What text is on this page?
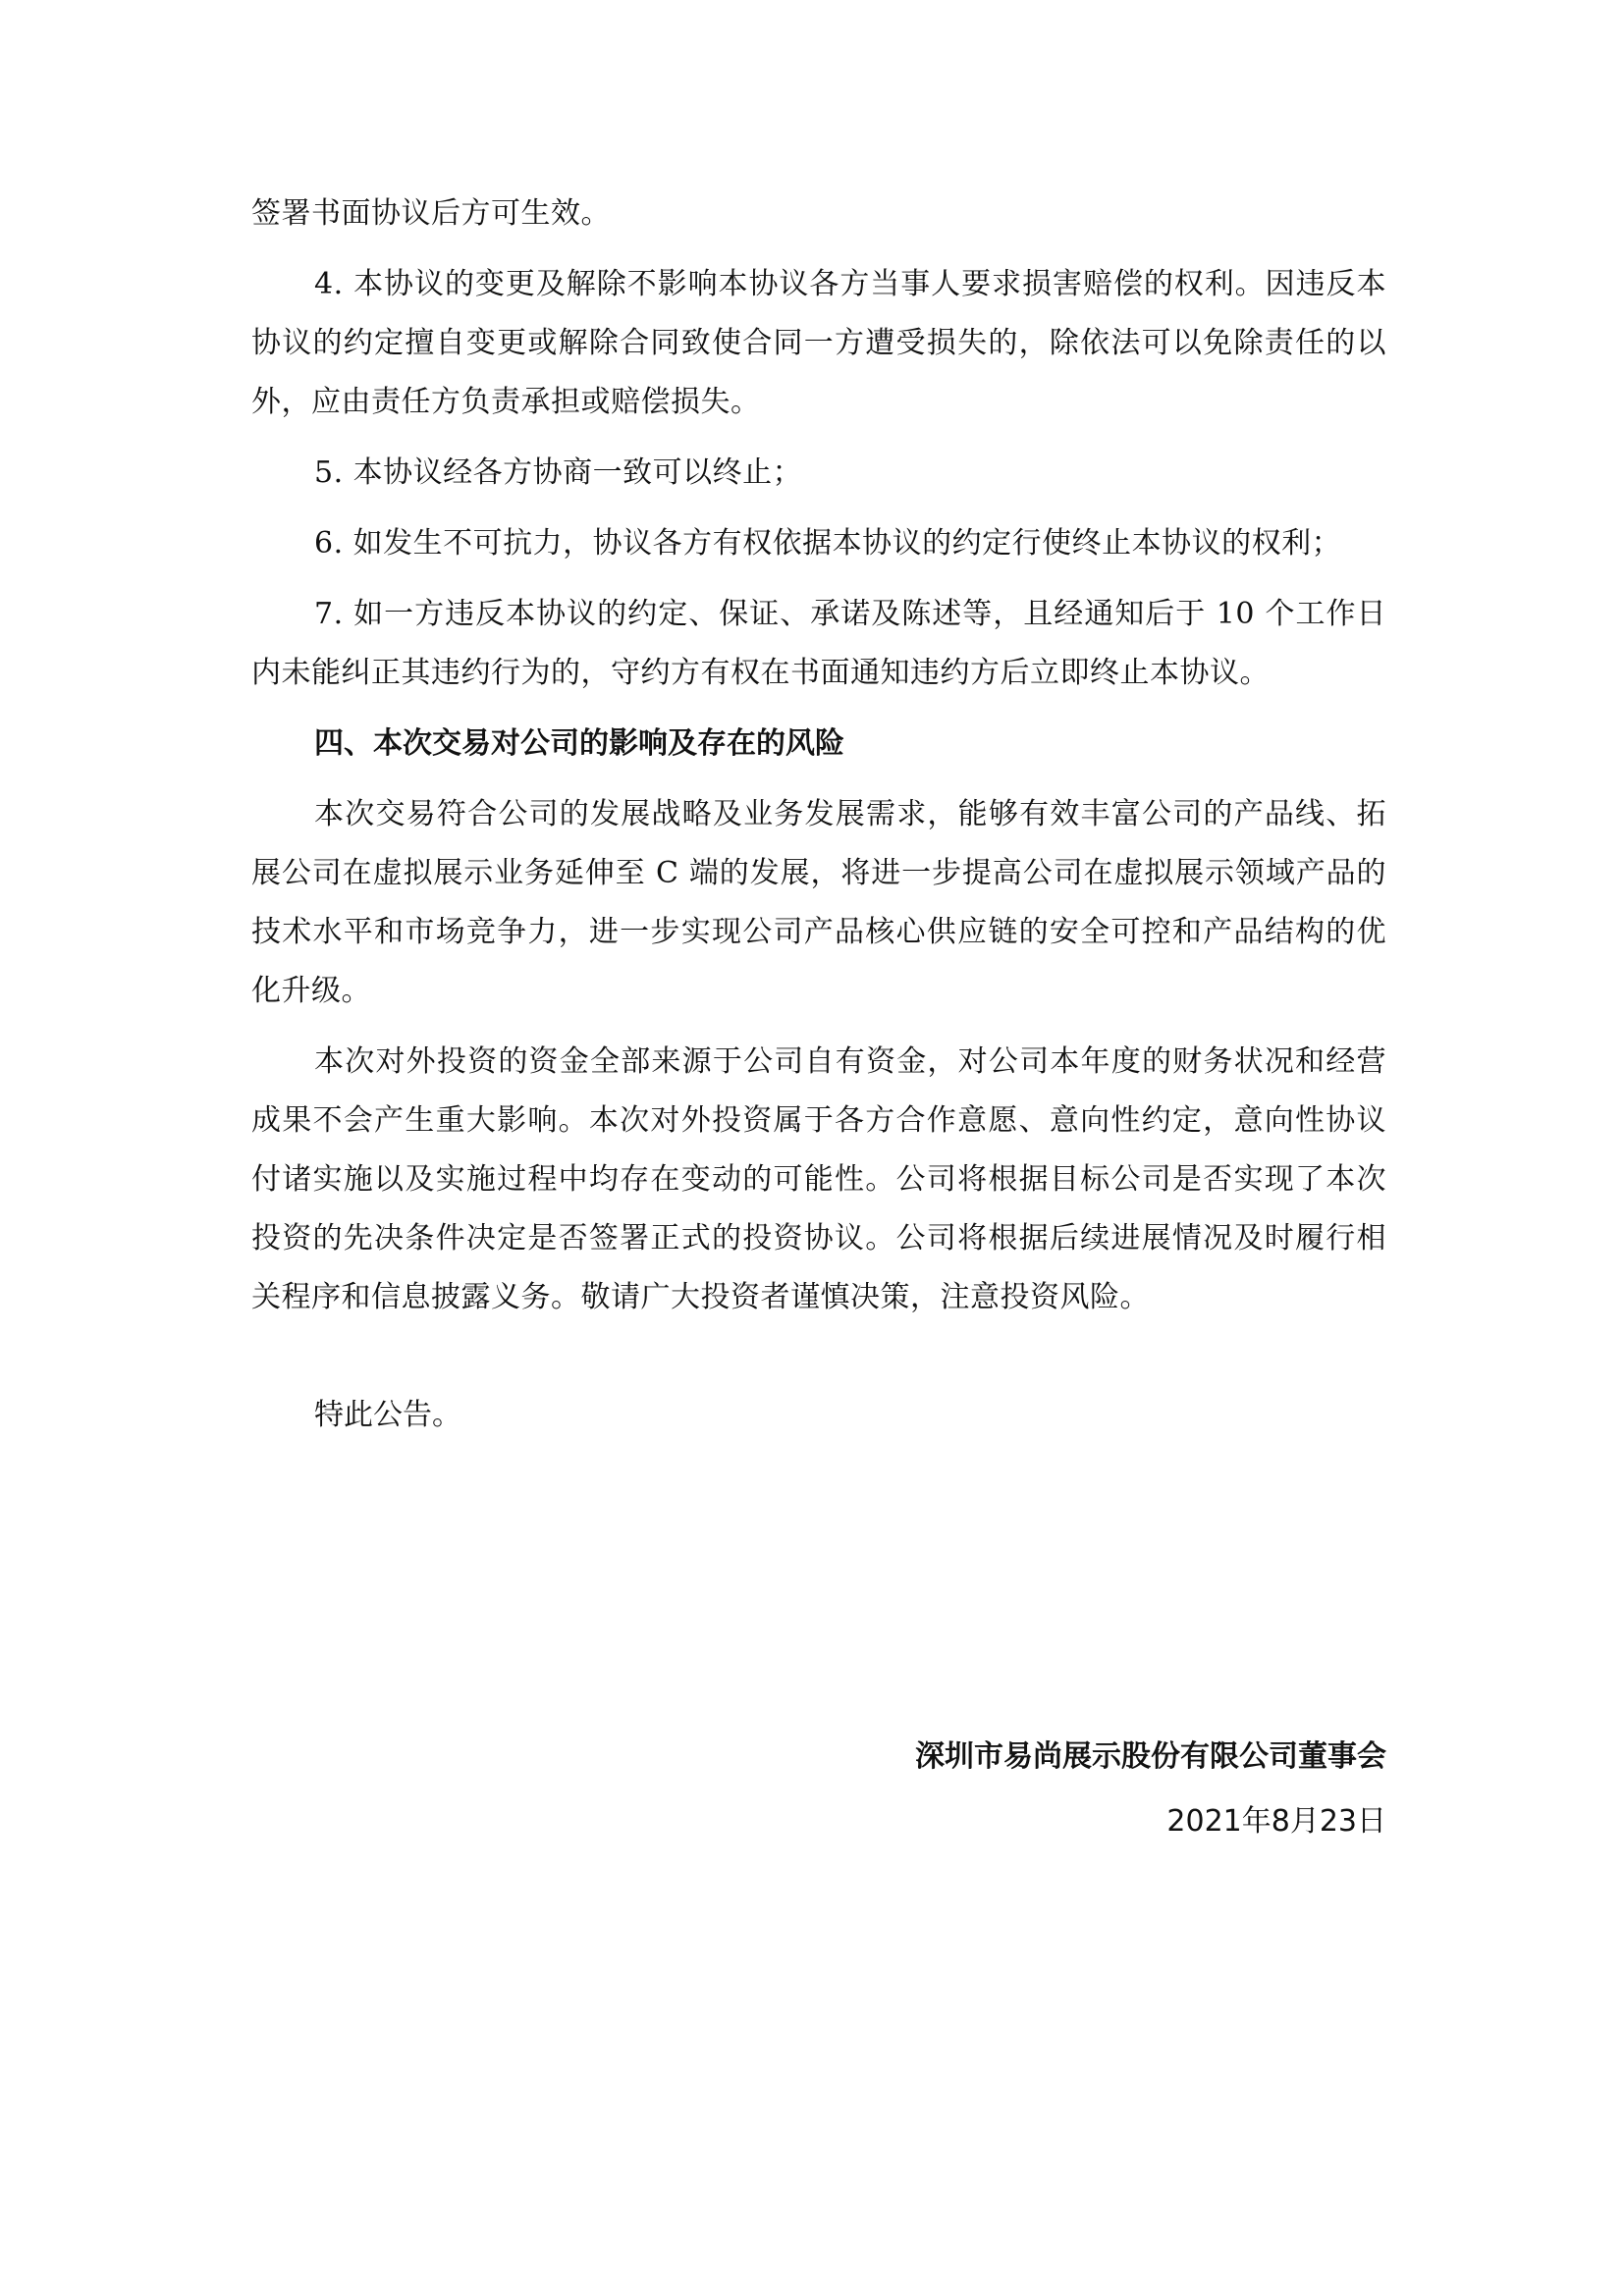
签署书面协议后方可生效。

4. 本协议的变更及解除不影响本协议各方当事人要求损害赔偿的权利。因违反本协议的约定擅自变更或解除合同致使合同一方遭受损失的，除依法可以免除责任的以外，应由责任方负责承担或赔偿损失。

5. 本协议经各方协商一致可以终止；

6. 如发生不可抗力，协议各方有权依据本协议的约定行使终止本协议的权利；

7. 如一方违反本协议的约定、保证、承诺及陈述等，且经通知后于 10 个工作日内未能纠正其违约行为的，守约方有权在书面通知违约方后立即终止本协议。

四、本次交易对公司的影响及存在的风险

本次交易符合公司的发展战略及业务发展需求，能够有效丰富公司的产品线、拓展公司在虚拟展示业务延伸至 C 端的发展，将进一步提高公司在虚拟展示领域产品的技术水平和市场竞争力，进一步实现公司产品核心供应链的安全可控和产品结构的优化升级。

本次对外投资的资金全部来源于公司自有资金，对公司本年度的财务状况和经营成果不会产生重大影响。本次对外投资属于各方合作意愿、意向性约定，意向性协议付诸实施以及实施过程中均存在变动的可能性。公司将根据目标公司是否实现了本次投资的先决条件决定是否签署正式的投资协议。公司将根据后续进展情况及时履行相关程序和信息披露义务。敬请广大投资者谨慎决策，注意投资风险。

特此公告。

深圳市易尚展示股份有限公司董事会
2021年8月23日
